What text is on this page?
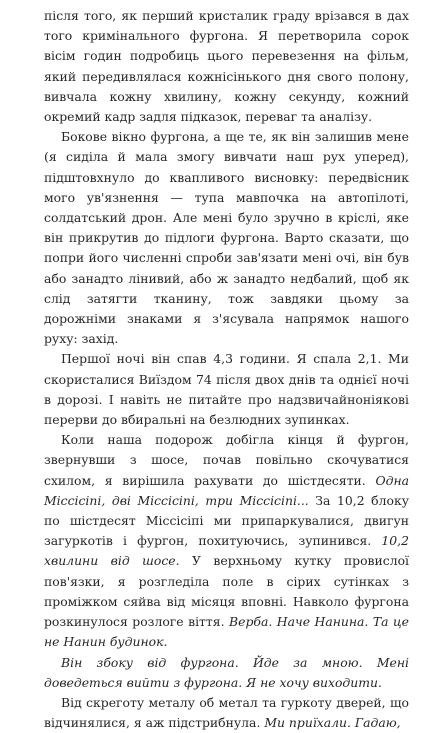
після того, як перший кристалик граду врізався в дах того кримінального фургона. Я перетворила сорок вісім годин подробиць цього перевезення на фільм, який передивлялася кожнісінького дня свого полону, вивчала кожну хвилину, кожну секунду, кожний окремий кадр задля підказок, переваг та аналізу.

Бокове вікно фургона, а ще те, як він залишив мене (я сиділа й мала змогу вивчати наш рух уперед), підштовхнуло до квапливого висновку: передвісник мого ув'язнення — тупа мавпочка на автопілоті, солдатський дрон. Але мені було зручно в кріслі, яке він прикрутив до підлоги фургона. Варто сказати, що попри його численні спроби зав'язати мені очі, він був або занадто лінивий, або ж занадто недбалий, щоб як слід затягти тканину, тож завдяки цьому за дорожніми знаками я з'ясувала напрямок нашого руху: захід.

Першої ночі він спав 4,3 години. Я спала 2,1. Ми скористалися Виїздом 74 після двох днів та однієї ночі в дорозі. І навіть не питайте про надзвичайноніякові перерви до вбиральні на безлюдних зупинках.

Коли наша подорож добігла кінця й фургон, звернувши з шосе, почав повільно скочуватися схилом, я вирішила рахувати до шістдесяти. Одна Міссісіпі, дві Міссісіпі, три Міссісіпі... За 10,2 блоку по шістдесят Міссісіпі ми припаркувалися, двигун загуркотів і фургон, похитуючись, зупинився. 10,2 хвилини від шосе. У верхньому кутку провислої пов'язки, я розгледіла поле в сірих сутінках з проміжком сяйва від місяця вповні. Навколо фургона розкинулося розлоге віття. Верба. Наче Нанина. Та це не Нанин будинок.

Він збоку від фургона. Йде за мною. Мені доведеться вийти з фургона. Я не хочу виходити.

Від скреготу металу об метал та гуркоту дверей, що відчинялися, я аж підстрибнула. Ми приїхали. Гадаю,
